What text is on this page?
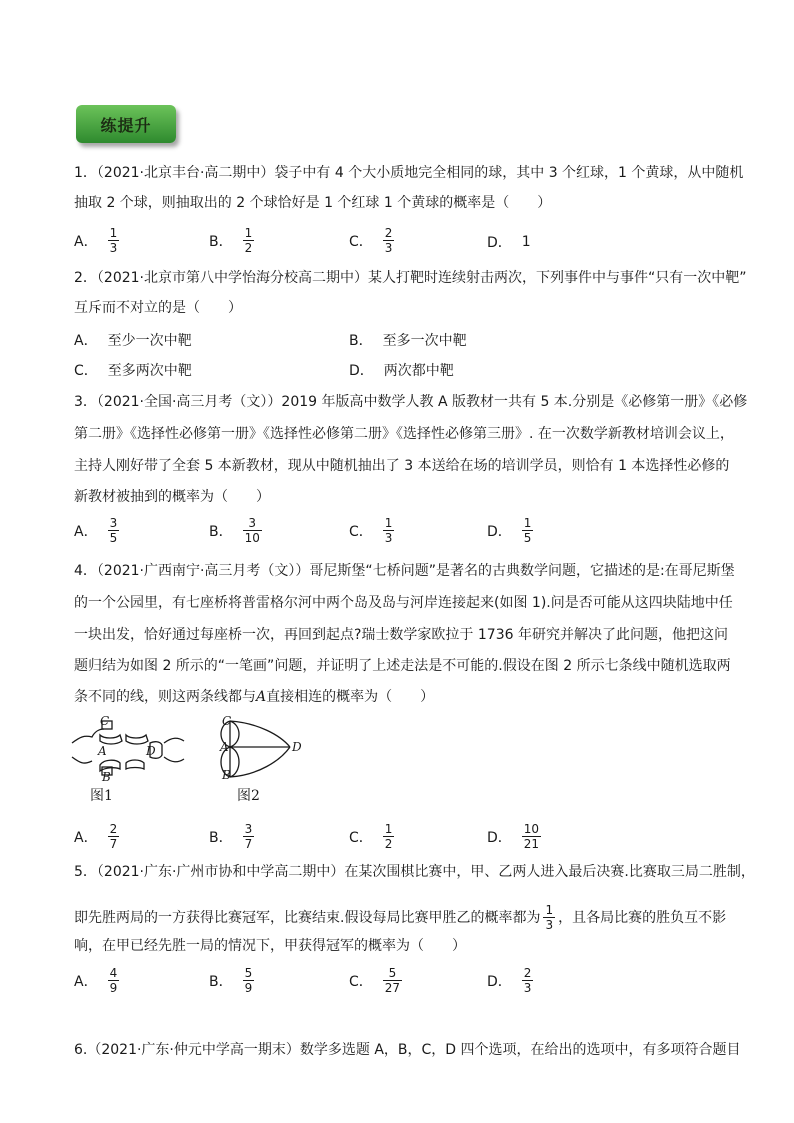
练提升
1．（2021·北京丰台·高二期中）袋子中有 4 个大小质地完全相同的球，其中 3 个红球，1 个黄球，从中随机
抽取 2 个球，则抽取出的 2 个球恰好是 1 个红球 1 个黄球的概率是（　　）
A． $\frac{1}{3}$	B． $\frac{1}{2}$	C． $\frac{2}{3}$	D． 1
2．（2021·北京市第八中学怡海分校高二期中）某人打靶时连续射击两次，下列事件中与事件“只有一次中靶”
互斥而不对立的是（　　）
A． 至少一次中靶	B． 至多一次中靶
C． 至多两次中靶	D． 两次都中靶
3．（2021·全国·高三月考（文））2019 年版高中数学人教 A 版教材一共有 5 本.分别是《必修第一册》《必修
第二册》《选择性必修第一册》《选择性必修第二册》《选择性必修第三册》. 在一次数学新教材培训会议上，
主持人刚好带了全套 5 本新教材，现从中随机抽出了 3 本送给在场的培训学员，则恰有 1 本选择性必修的
新教材被抽到的概率为（　　）
A． $\frac{3}{5}$	B． $\frac{3}{10}$	C． $\frac{1}{3}$	D． $\frac{1}{5}$
4．（2021·广西南宁·高三月考（文））哥尼斯堡“七桥问题”是著名的古典数学问题，它描述的是:在哥尼斯堡
的一个公园里，有七座桥将普雷格尔河中两个岛及岛与河岸连接起来(如图 1).问是否可能从这四块陆地中任
一块出发，恰好通过每座桥一次，再回到起点?瑞士数学家欧拉于 1736 年研究并解决了此问题，他把这问
题归结为如图 2 所示的“一笔画”问题，并证明了上述走法是不可能的.假设在图 2 所示七条线中随机选取两
条不同的线，则这两条线都与A直接相连的概率为（　　）
C
A
B
D
图1
C
A
B
D
图2
A． $\frac{2}{7}$	B． $\frac{3}{7}$	C． $\frac{1}{2}$	D． $\frac{10}{21}$
5．（2021·广东·广州市协和中学高二期中）在某次围棋比赛中，甲、乙两人进入最后决赛.比赛取三局二胜制，
即先胜两局的一方获得比赛冠军，比赛结束.假设每局比赛甲胜乙的概率都为 $\frac{1}{3}$ ，且各局比赛的胜负互不影
响，在甲已经先胜一局的情况下，甲获得冠军的概率为（　　）
A． $\frac{4}{9}$	B． $\frac{5}{9}$	C． $\frac{5}{27}$	D． $\frac{2}{3}$
6.（2021·广东·仲元中学高一期末）数学多选题 A，B，C，D 四个选项，在给出的选项中，有多项符合题目
